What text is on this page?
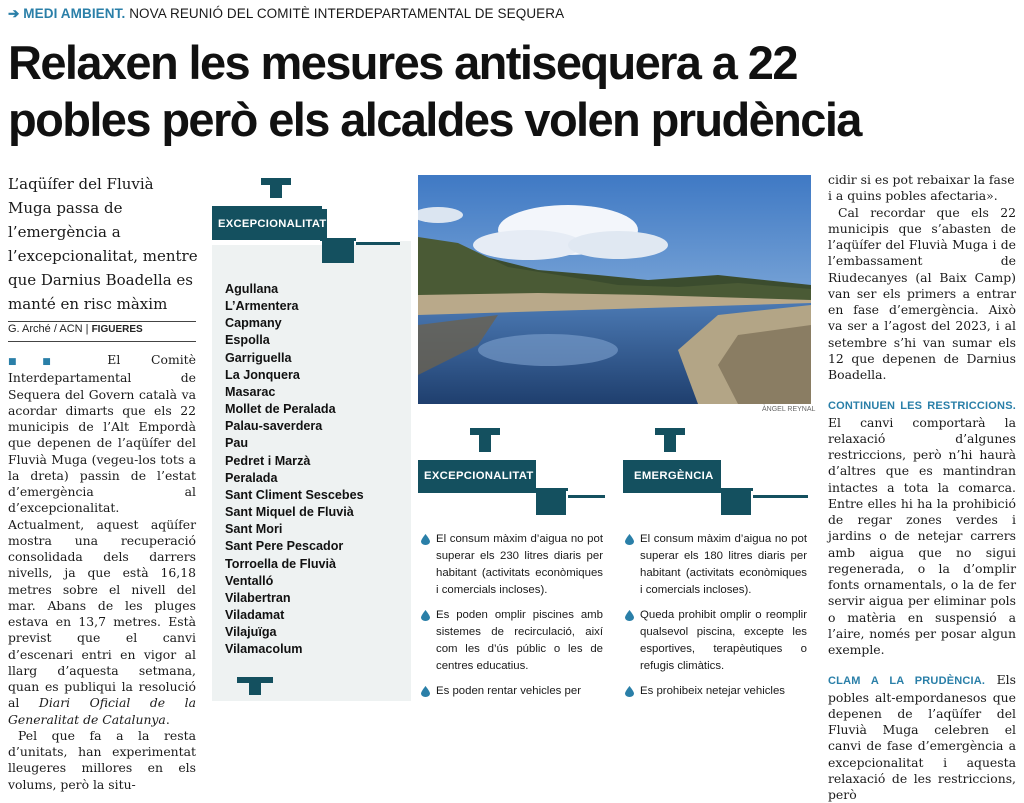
➔ MEDI AMBIENT. NOVA REUNIÓ DEL COMITÈ INTERDEPARTAMENTAL DE SEQUERA
Relaxen les mesures antisequera a 22
pobles però els alcaldes volen prudència
L’aqüífer del Fluvià Muga passa de l’emergència a l’excepcionalitat, mentre que Darnius Boadella es manté en risc màxim
G. Arché / ACN | FIGUERES

■■ El Comitè Interdepartamental de Sequera del Govern català va acordar dimarts que els 22 municipis de l’Alt Empordà que depenen de l’aqüífer del Fluvià Muga (vegeu-los tots a la dreta) passin de l’estat d’emergència al d’excepcionalitat. Actualment, aquest aqüífer mostra una recuperació consolidada dels darrers nivells, ja que està 16,18 metres sobre el nivell del mar. Abans de les pluges estava en 13,7 metres. Està previst que el canvi d’escenari entri en vigor al llarg d’aquesta setmana, quan es publiqui la resolució al Diari Oficial de la Generalitat de Catalunya.

Pel que fa a la resta d’unitats, han experimentat lleugeres millores en els volums, però la situ-

EXCEPCIONALITAT
Agullana
L’Armentera
Capmany
Espolla
Garriguella
La Jonquera
Masarac
Mollet de Peralada
Palau-saverdera
Pau
Pedret i Marzà
Peralada
Sant Climent Sescebes
Sant Miquel de Fluvià
Sant Mori
Sant Pere Pescador
Torroella de Fluvià
Ventalló
Vilabertran
Viladamat
Vilajuïga
Vilamacolum
ÀNGEL REYNAL
EXCEPCIONALITAT
El consum màxim d’aigua no pot superar els 230 litres diaris per habitant (activitats econòmiques i comercials incloses).
Es poden omplir piscines amb sistemes de recirculació, així com les d’ús públic o les de centres educatius.
Es poden rentar vehicles per
EMERGÈNCIA
El consum màxim d’aigua no pot superar els 180 litres diaris per habitant (activitats econòmiques i comercials incloses).
Queda prohibit omplir o reomplir qualsevol piscina, excepte les esportives, terapèutiques o refugis climàtics.
Es prohibeix netejar vehicles

cidir si es pot rebaixar la fase i a quins pobles afectaria».

Cal recordar que els 22 municipis que s’abasten de l’aqüífer del Fluvià Muga i de l’embassament de Riudecanyes (al Baix Camp) van ser els primers a entrar en fase d’emergència. Això va ser a l’agost del 2023, i al setembre s’hi van sumar els 12 que depenen de Darnius Boadella.

CONTINUEN LES RESTRICCIONS. El canvi comportarà la relaxació d’algunes restriccions, però n’hi haurà d’altres que es mantindran intactes a tota la comarca. Entre elles hi ha la prohibició de regar zones verdes i jardins o de netejar carrers amb aigua que no sigui regenerada, o la d’omplir fonts ornamentals, o la de fer servir aigua per eliminar pols o matèria en suspensió a l’aire, només per posar algun exemple.

CLAM A LA PRUDÈNCIA. Els pobles alt-empordanesos que depenen de l’aqüífer del Fluvià Muga celebren el canvi de fase d’emergència a excepcionalitat i aquesta relaxació de les restriccions, però
